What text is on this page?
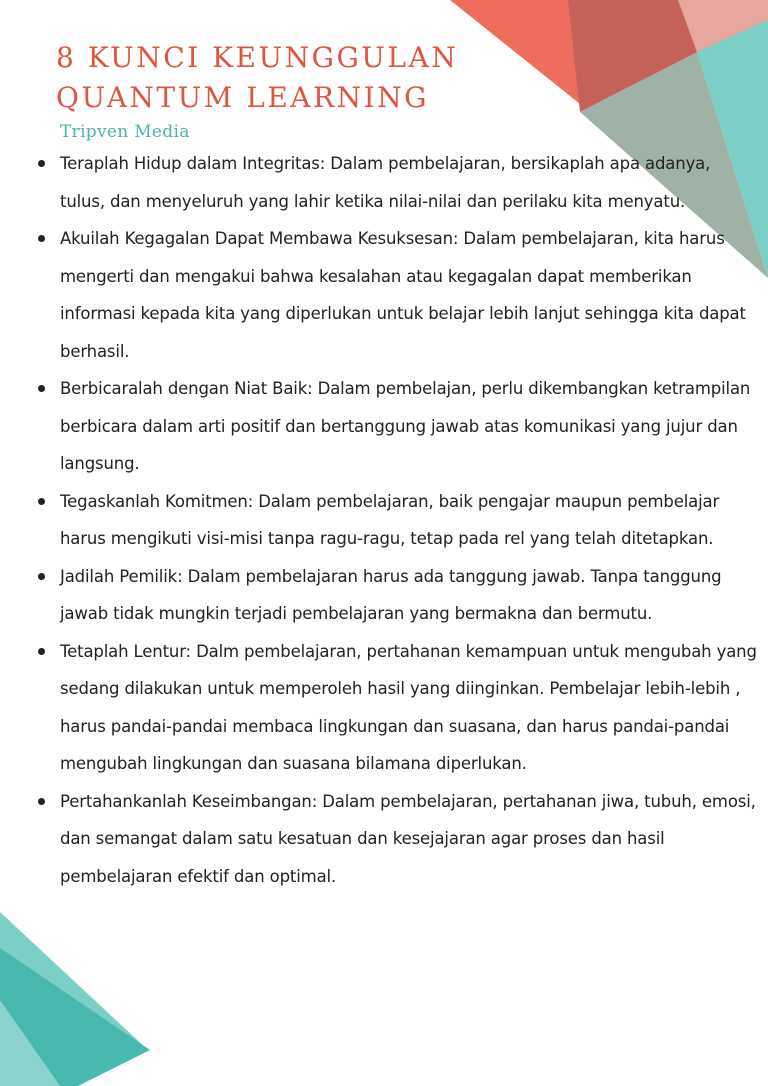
8 KUNCI KEUNGGULAN
QUANTUM LEARNING
Tripven Media
Teraplah Hidup dalam Integritas: Dalam pembelajaran, bersikaplah apa adanya, tulus, dan menyeluruh yang lahir ketika nilai-nilai dan perilaku kita menyatu.
Akuilah Kegagalan Dapat Membawa Kesuksesan: Dalam pembelajaran, kita harus mengerti dan mengakui bahwa kesalahan atau kegagalan dapat memberikan informasi kepada kita yang diperlukan untuk belajar lebih lanjut sehingga kita dapat berhasil.
Berbicaralah dengan Niat Baik: Dalam pembelajan, perlu dikembangkan ketrampilan berbicara dalam arti positif dan bertanggung jawab atas komunikasi yang jujur dan langsung.
Tegaskanlah Komitmen: Dalam pembelajaran, baik pengajar maupun pembelajar harus mengikuti visi-misi tanpa ragu-ragu, tetap pada rel yang telah ditetapkan.
Jadilah Pemilik: Dalam pembelajaran harus ada tanggung jawab. Tanpa tanggung jawab tidak mungkin terjadi pembelajaran yang bermakna dan bermutu.
Tetaplah Lentur: Dalm pembelajaran, pertahanan kemampuan untuk mengubah yang sedang dilakukan untuk memperoleh hasil yang diinginkan. Pembelajar lebih-lebih , harus pandai-pandai membaca lingkungan dan suasana, dan harus pandai-pandai mengubah lingkungan dan suasana bilamana diperlukan.
Pertahankanlah Keseimbangan: Dalam pembelajaran, pertahanan jiwa, tubuh, emosi, dan semangat dalam satu kesatuan dan kesejajaran agar proses dan hasil pembelajaran efektif dan optimal.
